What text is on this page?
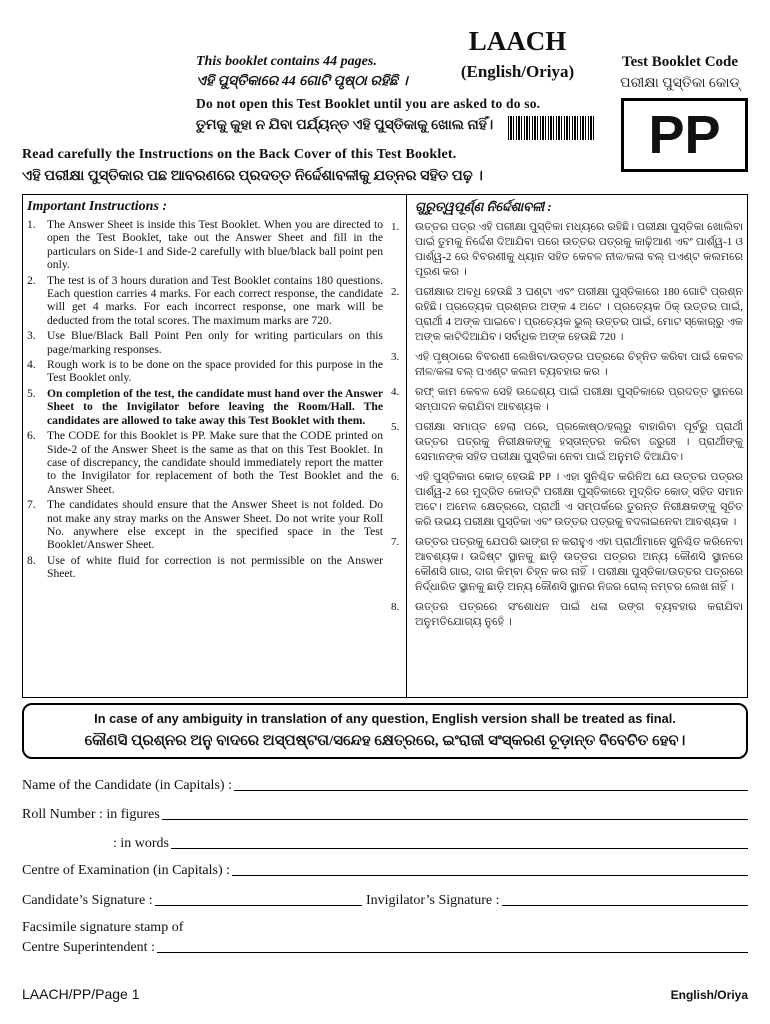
This booklet contains 44 pages.
ଏହି ପୁସ୍ତିକାରେ 44 ଗୋଟି ପୃଷ୍ଠା ରହିଛି ।
LAACH
(English/Oriya)	Test Booklet Code
ପରୀକ୍ଷା ପୁସ୍ତିକା କୋଡ୍
PP
Do not open this Test Booklet until you are asked to do so.
ତୁମକୁ କୁହା ନ ଯିବା ପର୍ଯ୍ୟନ୍ତ ଏହି ପୁସ୍ତିକାକୁ ଖୋଲ ନାହିଁ।
Read carefully the Instructions on the Back Cover of this Test Booklet.
ଏହି ପରୀକ୍ଷା ପୁସ୍ତିକାର ପଛ ଆବରଣରେ ପ୍ରଦତ୍ତ ନିର୍ଦ୍ଦେଶାବଳୀକୁ ଯତ୍ନର ସହିତ ପଢ଼ ।
Important Instructions :
1. The Answer Sheet is inside this Test Booklet. When you are directed to open the Test Booklet, take out the Answer Sheet and fill in the particulars on Side-1 and Side-2 carefully with blue/black ball point pen only.
2. The test is of 3 hours duration and Test Booklet contains 180 questions. Each question carries 4 marks. For each correct response, the candidate will get 4 marks. For each incorrect response, one mark will be deducted from the total scores. The maximum marks are 720.
3. Use Blue/Black Ball Point Pen only for writing particulars on this page/marking responses.
4. Rough work is to be done on the space provided for this purpose in the Test Booklet only.
5. On completion of the test, the candidate must hand over the Answer Sheet to the Invigilator before leaving the Room/Hall. The candidates are allowed to take away this Test Booklet with them.
6. The CODE for this Booklet is PP. Make sure that the CODE printed on Side-2 of the Answer Sheet is the same as that on this Test Booklet. In case of discrepancy, the candidate should immediately report the matter to the Invigilator for replacement of both the Test Booklet and the Answer Sheet.
7. The candidates should ensure that the Answer Sheet is not folded. Do not make any stray marks on the Answer Sheet. Do not write your Roll No. anywhere else except in the specified space in the Test Booklet/Answer Sheet.
8. Use of white fluid for correction is not permissible on the Answer Sheet.
ଗୁରୁତ୍ୱପୂର୍ଣ୍ଣ ନିର୍ଦ୍ଦେଶାବଳୀ :
1.	ଉତ୍ତର ପତ୍ର ଏହି ପରୀକ୍ଷା ପୁସ୍ତିକା ମଧ୍ୟରେ ରହିଛି। ପରୀକ୍ଷା ପୁସ୍ତିକା ଖୋଲିବା ପାଇଁ ତୁମକୁ ନିର୍ଦ୍ଦେଶ ଦିଆଯିବା ପରେ ଉତ୍ତର ପତ୍ରକୁ କାଢ଼ିଆଣ ଏବଂ ପାର୍ଶ୍ୱ-1 ଓ ପାର୍ଶ୍ୱ-2 ରେ ବିବରଣୀକୁ ଧ୍ୟାନ ସହିତ କେବଳ ନୀଳ/କଳା ବଲ୍ ପଏଣ୍ଟ କଲମରେ ପୂରଣ କର ।
2.	ପରୀକ୍ଷାର ଅବଧି ହେଉଛି 3 ଘଣ୍ଟା ଏବଂ ପରୀକ୍ଷା ପୁସ୍ତିକାରେ 180 ଗୋଟି ପ୍ରଶ୍ନ ରହିଛି। ପ୍ରତ୍ୟେକ ପ୍ରଶ୍ନର ଅଙ୍କ 4 ଅଟେ । ପ୍ରତ୍ୟେକ ଠିକ୍ ଉତ୍ତର ପାଇଁ, ପ୍ରାର୍ଥୀ 4 ଅଙ୍କ ପାଇବେ। ପ୍ରତ୍ୟେକ ଭୁଲ୍ ଉତ୍ତର ପାଇଁ, ମୋଟ ସ୍କୋର୍‌ରୁ ଏକ ଅଙ୍କ କାଟିଦିଆଯିବ। ସର୍ବାଧିକ ଅଙ୍କ ହେଉଛି 720 ।
3.	ଏହି ପୃଷ୍ଠାରେ ବିବରଣୀ ଲେଖିବା/ଉତ୍ତର ପତ୍ରରେ ଚିହ୍ନିତ କରିବା ପାଇଁ କେବଳ ନୀଳ/କଳା ବଲ୍ ପଏଣ୍ଟ କଲମ ବ୍ୟବହାର କର ।
4.	ରଫ୍ କାମ କେବଳ ସେହି ଉଦ୍ଦେଶ୍ୟ ପାଇଁ ପରୀକ୍ଷା ପୁସ୍ତିକାରେ ପ୍ରଦତ୍ତ ସ୍ଥାନରେ ସମ୍ପାଦନ କରାଯିବା ଆବଶ୍ୟକ ।
5.	ପରୀକ୍ଷା ସମାପ୍ତ ହେଲା ପରେ, ପ୍ରକୋଷ୍ଠ/ହଲ୍‌ରୁ ବାହାରିବା ପୂର୍ବରୁ ପ୍ରାର୍ଥୀ ଉତ୍ତର ପତ୍ରକୁ ନିରୀକ୍ଷକଙ୍କୁ ହସ୍ତାନ୍ତର କରିବା ଜରୁରୀ । ପ୍ରାର୍ଥୀଙ୍କୁ ସେମାନଙ୍କ ସହିତ ପରୀକ୍ଷା ପୁସ୍ତିକା ନେବା ପାଇଁ ଅନୁମତି ଦିଆଯିବ।
6.	ଏହି ପୁସ୍ତିକାର କୋଡ୍ ହେଉଛି PP । ଏହା ସୁନିଶ୍ଚିତ କରିନିଅ ଯେ ଉତ୍ତର ପତ୍ରର ପାର୍ଶ୍ୱ-2 ରେ ମୁଦ୍ରିତ କୋଡ୍‌ଟି ପରୀକ୍ଷା ପୁସ୍ତିକାରେ ମୁଦ୍ରିତ କୋଡ୍ ସହିତ ସମାନ ଅଟେ। ଅମେଳ କ୍ଷେତ୍ରରେ, ପ୍ରାର୍ଥୀ ଏ ସମ୍ପର୍କରେ ତୁରନ୍ତ ନିରୀକ୍ଷକଙ୍କୁ ସୂଚିତ କରି ଉଭୟ ପରୀକ୍ଷା ପୁସ୍ତିକା ଏବଂ ଉତ୍ତର ପତ୍ରକୁ ବଦଳାଇନେବା ଆବଶ୍ୟକ ।
7.	ଉତ୍ତର ପତ୍ରକୁ ଯେପରି ଭାଙ୍ଗ ନ କରାହୁଏ ଏହା ପ୍ରାର୍ଥୀମାନେ ସୁନିଶ୍ଚିତ କରିନେବା ଆବଶ୍ୟକ। ଉଦ୍ଦିଷ୍ଟ ସ୍ଥାନକୁ ଛାଡ଼ି ଉତ୍ତର ପତ୍ରର ଅନ୍ୟ କୌଣସି ସ୍ଥାନରେ କୌଣସି ଗାର, ଦାଗ କିମ୍ବା ଚିହ୍ନ କର ନାହିଁ । ପରୀକ୍ଷା ପୁସ୍ତିକା/ଉତ୍ତର ପତ୍ରରେ ନିର୍ଦ୍ଧାରିତ ସ୍ଥାନକୁ ଛାଡ଼ି ଅନ୍ୟ କୌଣସି ସ୍ଥାନର ନିଜର ରୋଲ୍ ନମ୍ବର ଲେଖ ନାହିଁ ।
8.	ଉତ୍ତର ପତ୍ରରେ ସଂଶୋଧନ ପାଇଁ ଧଳା ରଙ୍ଗ ବ୍ୟବହାର କରାଯିବା ଅନୁମତିଯୋଗ୍ୟ ନୁହେଁ ।
In case of any ambiguity in translation of any question, English version shall be treated as final.
କୌଣସି ପ୍ରଶ୍ନର ଅନୁ ବାଦରେ ଅସ୍ପଷ୍ଟତା/ସନ୍ଦେହ କ୍ଷେତ୍ରରେ, ଇଂରାଜୀ ସଂସ୍କରଣ ଚୂଡ଼ାନ୍ତ ବିବେଚିତ ହେବ।
Name of the Candidate (in Capitals) :
Roll Number : in figures
: in words
Centre of Examination (in Capitals) :
Candidate’s Signature :	Invigilator’s Signature :
Facsimile signature stamp of
Centre Superintendent :
LAACH/PP/Page 1	English/Oriya
